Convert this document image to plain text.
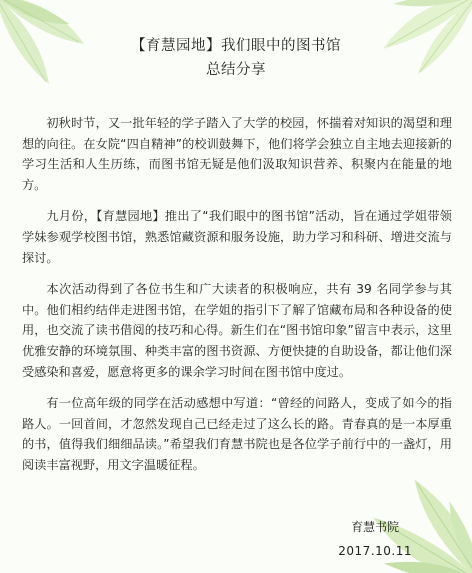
【育慧园地】我们眼中的图书馆
总结分享

初秋时节，又一批年轻的学子踏入了大学的校园，怀揣着对知识的渴望和理想的向往。在女院“四自精神”的校训鼓舞下，他们将学会独立自主地去迎接新的学习生活和人生历练，而图书馆无疑是他们汲取知识营养、积聚内在能量的地方。

九月份，【育慧园地】推出了“我们眼中的图书馆”活动，旨在通过学姐带领学妹参观学校图书馆，熟悉馆藏资源和服务设施，助力学习和科研、增进交流与探讨。

本次活动得到了各位书生和广大读者的积极响应，共有 39 名同学参与其中。他们相约结伴走进图书馆，在学姐的指引下了解了馆藏布局和各种设备的使用，也交流了读书借阅的技巧和心得。新生们在“图书馆印象”留言中表示，这里优雅安静的环境氛围、种类丰富的图书资源、方便快捷的自助设备，都让他们深受感染和喜爱，愿意将更多的课余学习时间在图书馆中度过。

有一位高年级的同学在活动感想中写道：“曾经的问路人，变成了如今的指路人。一回首间，才忽然发现自己已经走过了这么长的路。青春真的是一本厚重的书，值得我们细细品读。”希望我们育慧书院也是各位学子前行中的一盏灯，用阅读丰富视野，用文字温暖征程。

育慧书院
2017.10.11
